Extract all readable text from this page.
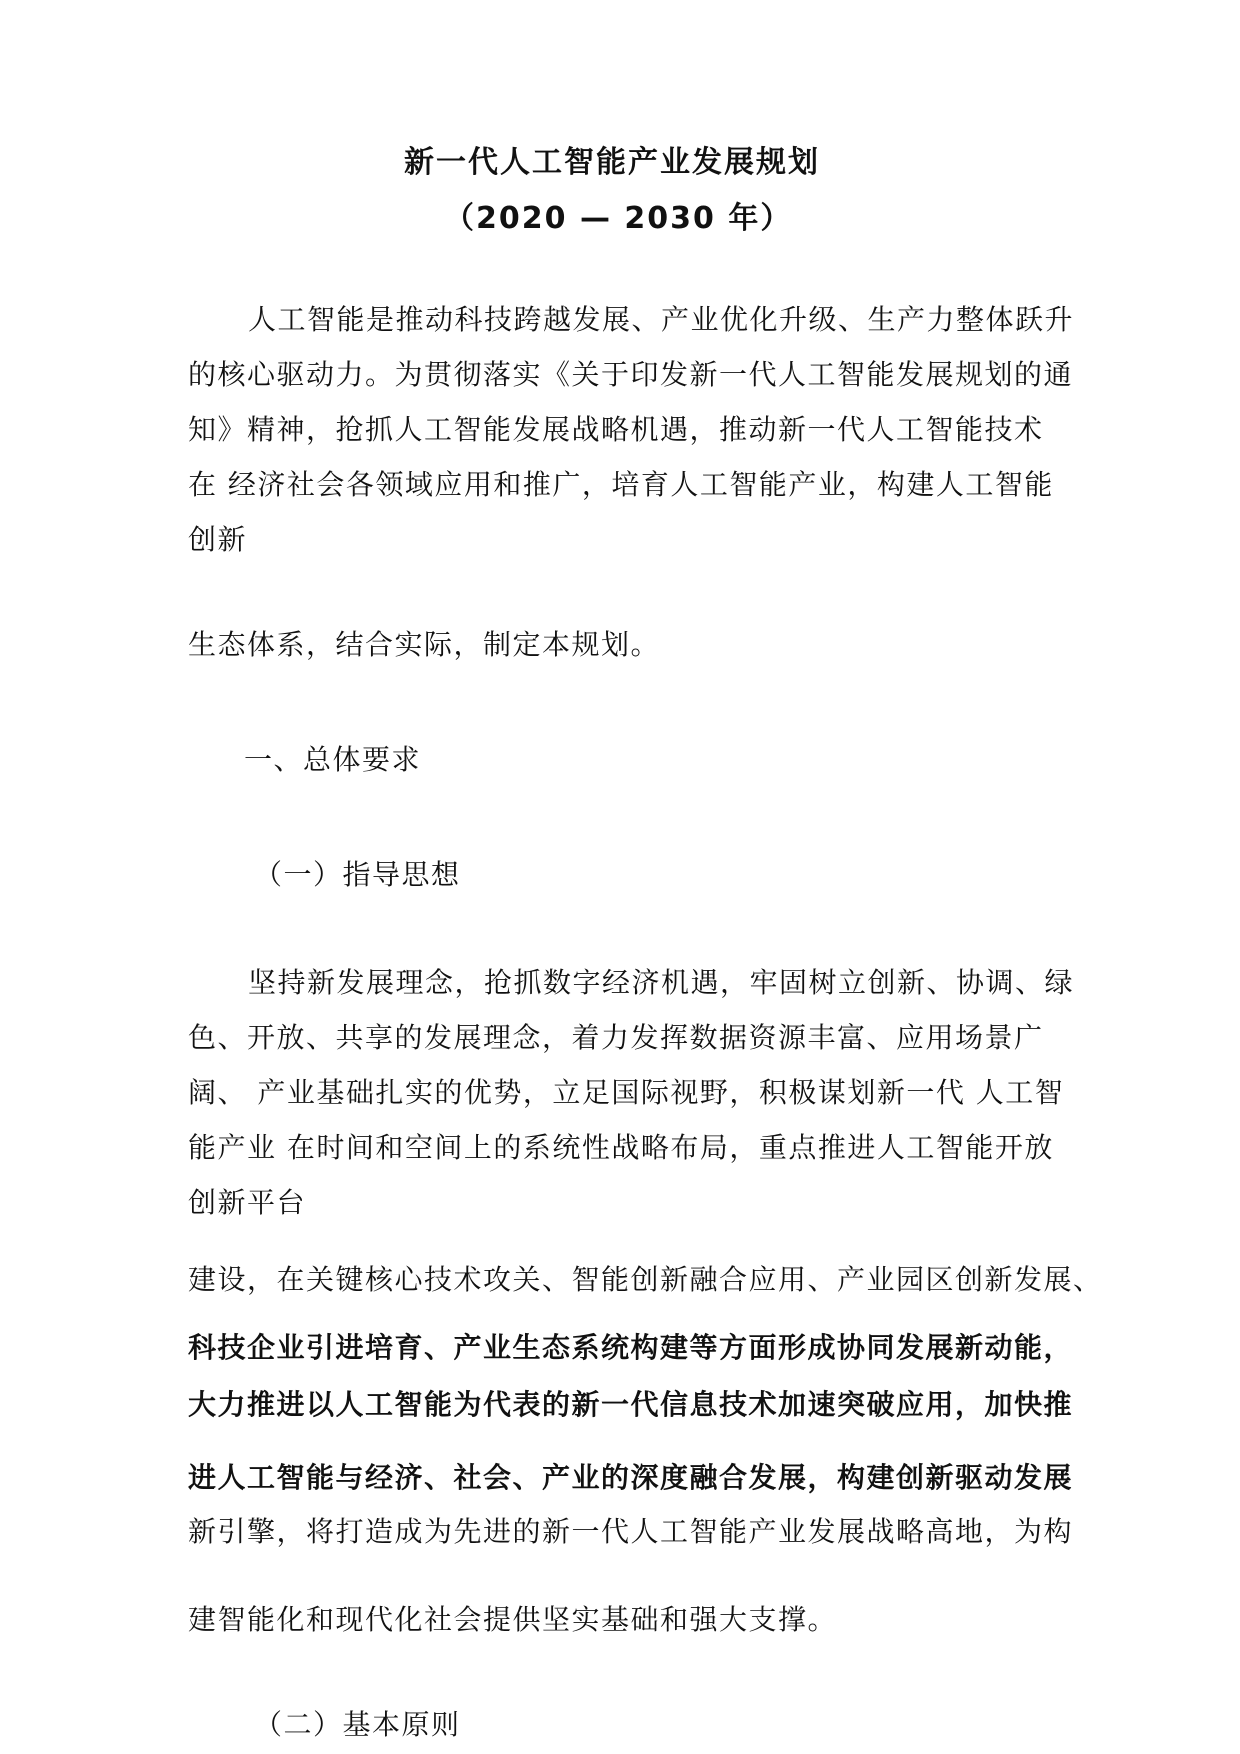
新一代人工智能产业发展规划
（2020 — 2030 年）
人工智能是推动科技跨越发展、产业优化升级、生产力整体跃升
的核心驱动力。为贯彻落实《关于印发新一代人工智能发展规划的通
知》精神，抢抓人工智能发展战略机遇，推动新一代人工智能技术
在 经济社会各领域应用和推广，培育人工智能产业，构建人工智能
创新
生态体系，结合实际，制定本规划。
一、总体要求
（一）指导思想
坚持新发展理念，抢抓数字经济机遇，牢固树立创新、协调、绿
色、开放、共享的发展理念，着力发挥数据资源丰富、应用场景广
阔、 产业基础扎实的优势，立足国际视野，积极谋划新一代 人工智
能产业 在时间和空间上的系统性战略布局，重点推进人工智能开放
创新平台
建设，在关键核心技术攻关、智能创新融合应用、产业园区创新发展、
科技企业引进培育、产业生态系统构建等方面形成协同发展新动能，
大力推进以人工智能为代表的新一代信息技术加速突破应用，加快推
进人工智能与经济、社会、产业的深度融合发展，构建创新驱动发展
新引擎，将打造成为先进的新一代人工智能产业发展战略高地，为构
建智能化和现代化社会提供坚实基础和强大支撑。
（二）基本原则
